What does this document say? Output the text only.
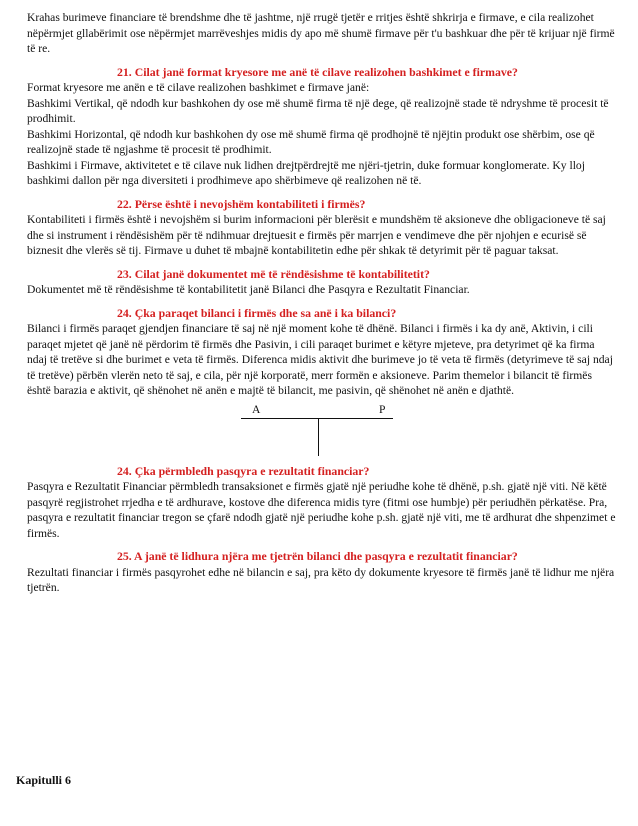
Krahas burimeve financiare të brendshme dhe të jashtme, një rrugë tjetër e rritjes është shkrirja e firmave, e cila realizohet nëpërmjet gllabërimit ose nëpërmjet marrëveshjes midis dy apo më shumë firmave për t'u bashkuar dhe për të krijuar një firmë të re.

21. Cilat janë format kryesore me anë të cilave realizohen bashkimet e firmave?

Format kryesore me anën e të cilave realizohen bashkimet e firmave janë:

Bashkimi Vertikal, që ndodh kur bashkohen dy ose më shumë firma të një dege, që realizojnë stade të ndryshme të procesit të prodhimit.

Bashkimi Horizontal, që ndodh kur bashkohen dy ose më shumë firma që prodhojnë të njëjtin produkt ose shërbim, ose që realizojnë stade të ngjashme të procesit të prodhimit.

Bashkimi i Firmave, aktivitetet e të cilave nuk lidhen drejtpërdrejtë me njëri-tjetrin, duke formuar konglomerate. Ky lloj bashkimi dallon për nga diversiteti i prodhimeve apo shërbimeve që realizohen në të.

22. Përse është i nevojshëm kontabiliteti i firmës?

Kontabiliteti i firmës është i nevojshëm si burim informacioni për blerësit e mundshëm të aksioneve dhe obligacioneve të saj dhe si instrument i rëndësishëm për të ndihmuar drejtuesit e firmës për marrjen e vendimeve dhe për njohjen e ecurisë së biznesit dhe vlerës së tij. Firmave u duhet të mbajnë kontabilitetin edhe për shkak të detyrimit për të paguar taksat.

23. Cilat janë dokumentet më të rëndësishme të kontabilitetit?

Dokumentet më të rëndësishme të kontabilitetit janë Bilanci dhe Pasqyra e Rezultatit Financiar.

24. Çka paraqet bilanci i firmës dhe sa anë i ka bilanci?

Bilanci i firmës paraqet gjendjen financiare të saj në një moment kohe të dhënë. Bilanci i firmës i ka dy anë, Aktivin, i cili paraqet mjetet që janë në përdorim të firmës dhe Pasivin, i cili paraqet burimet e këtyre mjeteve, pra detyrimet që ka firma ndaj të tretëve si dhe burimet e veta të firmës. Diferenca midis aktivit dhe burimeve jo të veta të firmës (detyrimeve të saj ndaj të tretëve) përbën vlerën neto të saj, e cila, për një korporatë, merr formën e aksioneve. Parim themelor i bilancit të firmës është barazia e aktivit, që shënohet në anën e majtë të bilancit, me pasivin, që shënohet në anën e djathtë.

A	P

24. Çka përmbledh pasqyra e rezultatit financiar?

Pasqyra e Rezultatit Financiar përmbledh transaksionet e firmës gjatë një periudhe kohe të dhënë, p.sh. gjatë një viti. Në këtë pasqyrë regjistrohet rrjedha e të ardhurave, kostove dhe diferenca midis tyre (fitmi ose humbje) për periudhën përkatëse. Pra, pasqyra e rezultatit financiar tregon se çfarë ndodh gjatë një periudhe kohe p.sh. gjatë një viti, me të ardhurat dhe shpenzimet e firmës.

25. A janë të lidhura njëra me tjetrën bilanci dhe pasqyra e rezultatit financiar?

Rezultati financiar i firmës pasqyrohet edhe në bilancin e saj, pra këto dy dokumente kryesore të firmës janë të lidhur me njëra tjetrën.

Kapitulli 6
